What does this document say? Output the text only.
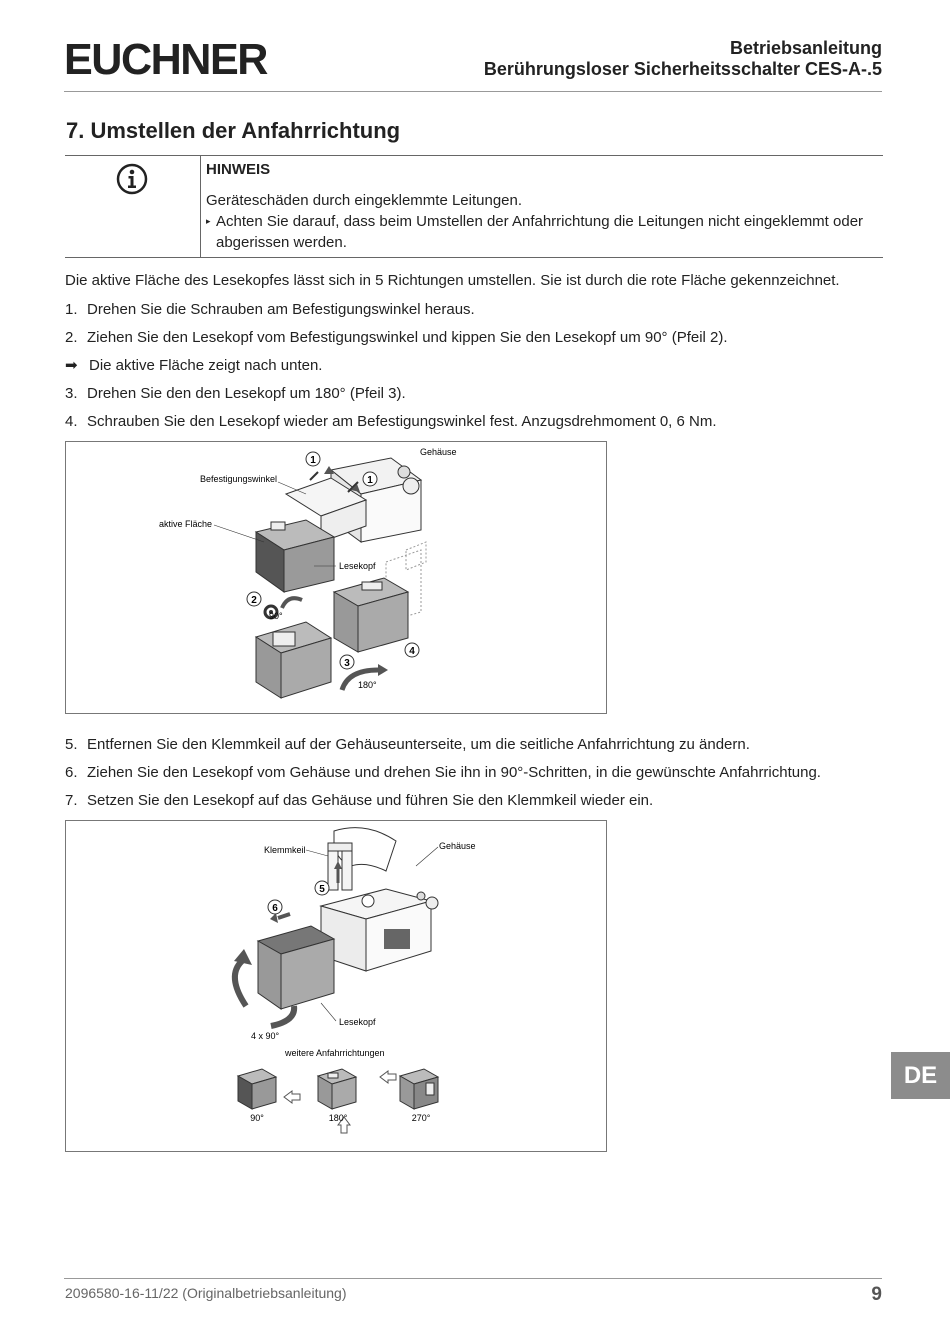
EUCHNER	Betriebsanleitung
Berührungsloser Sicherheitsschalter CES-A-.5
7. Umstellen der Anfahrrichtung
HINWEIS
Geräteschäden durch eingeklemmte Leitungen.
▸ Achten Sie darauf, dass beim Umstellen der Anfahrrichtung die Leitungen nicht eingeklemmt oder abgerissen werden.
Die aktive Fläche des Lesekopfes lässt sich in 5 Richtungen umstellen. Sie ist durch die rote Fläche gekennzeichnet.
1. Drehen Sie die Schrauben am Befestigungswinkel heraus.
2. Ziehen Sie den Lesekopf vom Befestigungswinkel und kippen Sie den Lesekopf um 90° (Pfeil 2).
➡ Die aktive Fläche zeigt nach unten.
3. Drehen Sie den den Lesekopf um 180° (Pfeil 3).
4. Schrauben Sie den Lesekopf wieder am Befestigungswinkel fest. Anzugsdrehmoment 0, 6 Nm.
1
1
2
3
4
Gehäuse
Befestigungswinkel
aktive Fläche
Lesekopf
90°
180°
5. Entfernen Sie den Klemmkeil auf der Gehäuseunterseite, um die seitliche Anfahrrichtung zu ändern.
6. Ziehen Sie den Lesekopf vom Gehäuse und drehen Sie ihn in 90°-Schritten, in die gewünschte Anfahrrichtung.
7. Setzen Sie den Lesekopf auf das Gehäuse und führen Sie den Klemmkeil wieder ein.
5
6
Klemmkeil	Gehäuse
Lesekopf
4 x 90°
weitere Anfahrrichtungen
90°	180°	270°
DE
2096580-16-11/22 (Originalbetriebsanleitung)	9
